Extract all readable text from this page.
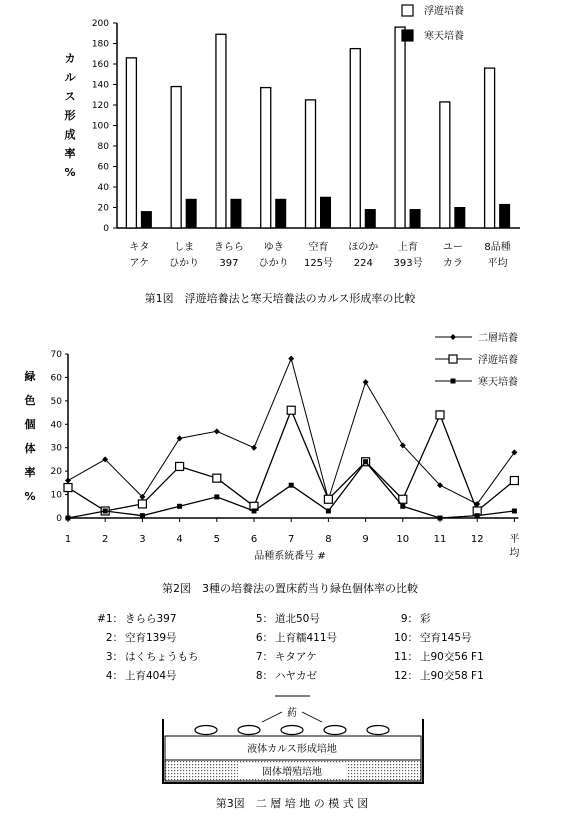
0
20
40
60
80
100
120
140
160
180
200
カ
ル
ス
形
成
率
%
キタ
アケ
しま
ひかり
きらら
397
ゆき
ひかり
空育
125号
ほのか
224
上育
393号
ユー
カラ
8品種
平均
浮遊培養
寒天培養
第1図　浮遊培養法と寒天培養法のカルス形成率の比較
0
10
20
30
40
50
60
70
緑
色
個
体
率
%
1	2	3	4	5	6	7	8	9	10 11 12	平
均
二層培養
浮遊培養
寒天培養
品種系統番号 #
第2図　3種の培養法の置床葯当り緑色個体率の比較
#1： きらら397
2： 空育139号
3： はくちょうもち
4： 上育404号
5： 道北50号
6： 上育糯411号
7： キタアケ
8： ハヤカゼ
9： 彩
10： 空育145号
11： 上90交56 F1
12： 上90交58 F1
葯
液体カルス形成培地
固体増殖培地
第3図　二 層 培 地 の 模 式 図
